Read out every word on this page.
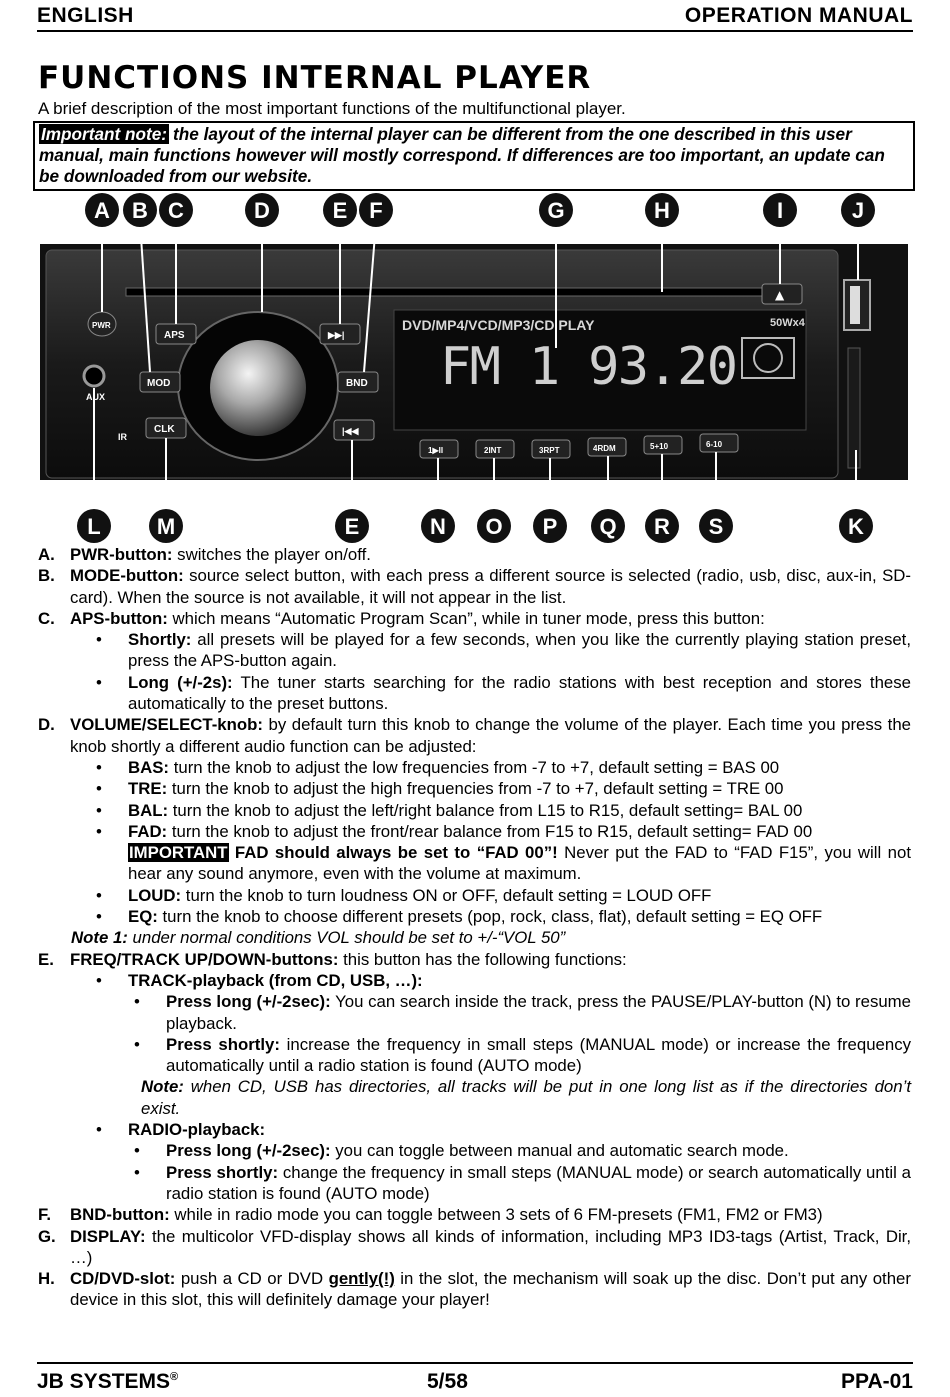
ENGLISH	OPERATION MANUAL
FUNCTIONS INTERNAL PLAYER
A brief description of the most important functions of the multifunctional player.
Important note: the layout of the internal player can be different from the one described in this user manual, main functions however will mostly correspond. If differences are too important, an update can be downloaded from our website.
DVD/MP4/VCD/MP3/CD PLAY	50Wx4
FM 1 93.20
PWR
APS
MOD
CLK
AUX
IR
▶▶|
BND
|◀◀
1▶II	2INT	3RPT	4RDM	5+10	6-10
▲
A B C	D	E F	G	H	I	J
L	M	E	N O P Q R S	K
A. PWR-button: switches the player on/off.
B. MODE-button: source select button, with each press a different source is selected (radio, usb, disc, aux-in, SD-card). When the source is not available, it will not appear in the list.
C. APS-button: which means “Automatic Program Scan”, while in tuner mode, press this button:
•	Shortly: all presets will be played for a few seconds, when you like the currently playing station preset, press the APS-button again.
•	Long (+/-2s): The tuner starts searching for the radio stations with best reception and stores these automatically to the preset buttons.
D. VOLUME/SELECT-knob: by default turn this knob to change the volume of the player. Each time you press the knob shortly a different audio function can be adjusted:
•	BAS: turn the knob to adjust the low frequencies from -7 to +7, default setting = BAS 00
•	TRE: turn the knob to adjust the high frequencies from -7 to +7, default setting = TRE 00
•	BAL: turn the knob to adjust the left/right balance from L15 to R15, default setting= BAL 00
•	FAD: turn the knob to adjust the front/rear balance from F15 to R15, default setting= FAD 00
IMPORTANT FAD should always be set to “FAD 00”! Never put the FAD to “FAD F15”, you will not hear any sound anymore, even with the volume at maximum.
•	LOUD: turn the knob to turn loudness ON or OFF, default setting = LOUD OFF
•	EQ: turn the knob to choose different presets (pop, rock, class, flat), default setting = EQ OFF
Note 1: under normal conditions VOL should be set to +/-“VOL 50”
E. FREQ/TRACK UP/DOWN-buttons: this button has the following functions:
•	TRACK-playback (from CD, USB, …):
•	Press long (+/-2sec): You can search inside the track, press the PAUSE/PLAY-button (N) to resume playback.
•	Press shortly: increase the frequency in small steps (MANUAL mode) or increase the frequency automatically until a radio station is found (AUTO mode)
Note: when CD, USB has directories, all tracks will be put in one long list as if the directories don’t exist.
•	RADIO-playback:
•	Press long (+/-2sec): you can toggle between manual and automatic search mode.
•	Press shortly: change the frequency in small steps (MANUAL mode) or search automatically until a radio station is found (AUTO mode)
F.	BND-button: while in radio mode you can toggle between 3 sets of 6 FM-presets (FM1, FM2 or FM3)
G. DISPLAY: the multicolor VFD-display shows all kinds of information, including MP3 ID3-tags (Artist, Track, Dir, …)
H. CD/DVD-slot: push a CD or DVD gently(!) in the slot, the mechanism will soak up the disc. Don’t put any other device in this slot, this will definitely damage your player!
JB SYSTEMS®	5/58	PPA-01
